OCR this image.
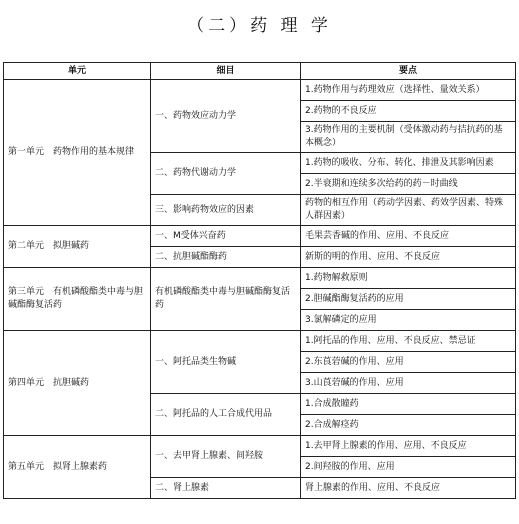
（二）药 理 学
单元	细目	要点
第一单元　药物作用的基本规律	一、药物效应动力学	1.药物作用与药理效应（选择性、量效关系）
		2.药物的不良反应
		3.药物作用的主要机制（受体激动药与拮抗药的基本概念）
	二、药物代谢动力学	1.药物的吸收、分布、转化、排泄及其影响因素
		2.半衰期和连续多次给药的药－时曲线
	三、影响药物效应的因素	药物的相互作用（药动学因素、药效学因素、特殊人群因素）
第二单元　拟胆碱药	一、M受体兴奋药	毛果芸香碱的作用、应用、不良反应
	二、抗胆碱酯酶药	新斯的明的作用、应用、不良反应
第三单元　有机磷酸酯类中毒与胆碱酯酶复活药	有机磷酸酯类中毒与胆碱酯酶复活药	1.药物解救原则
		2.胆碱酯酶复活药的应用
		3.氯解磷定的应用
第四单元　抗胆碱药	一、阿托品类生物碱	1.阿托品的作用、应用、不良反应、禁忌证
		2.东莨菪碱的作用、应用
		3.山莨菪碱的作用、应用
	二、阿托品的人工合成代用品	1.合成散瞳药
		2.合成解痉药
第五单元　拟肾上腺素药	一、去甲肾上腺素、间羟胺	1.去甲肾上腺素的作用、应用、不良反应
		2.间羟胺的作用、应用
	二、肾上腺素	肾上腺素的作用、应用、不良反应
